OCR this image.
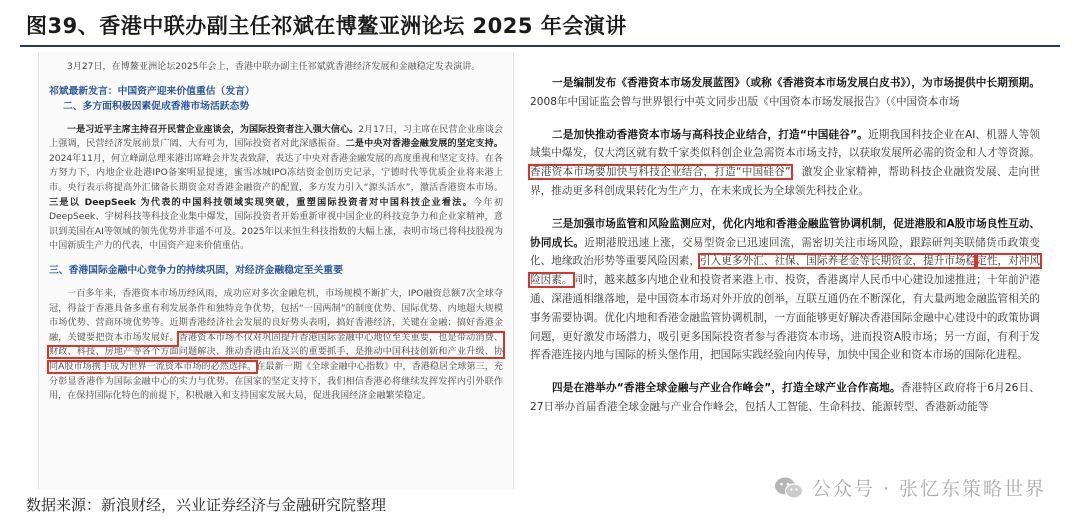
图39、香港中联办副主任祁斌在博鳌亚洲论坛 2025 年会演讲

3月27日，在博鳌亚洲论坛2025年会上，香港中联办副主任祁斌就香港经济发展和金融稳定发表演讲。

祁斌最新发言：中国资产迎来价值重估（发言）

二、多方面积极因素促成香港市场活跃态势

一是习近平主席主持召开民营企业座谈会，为国际投资者注入强大信心。2月17日，习主席在民营企业座谈会上强调，民营经济发展前景广阔、大有可为，国际投资者对此深感振奋。二是中央对香港金融发展的坚定支持。2024年11月，何立峰副总理来港出席峰会并发表致辞，表达了中央对香港金融发展的高度重视和坚定支持。在各方努力下，内地企业赴港IPO备案明显提速，蜜雪冰城IPO冻结资金创历史记录，宁德时代等优质企业将来港上市。央行表示将提高外汇储备长期资金对香港金融资产的配置，多方发力引入“源头活水”，激活香港资本市场。三是以 DeepSeek 为代表的中国科技领域实现突破，重塑国际投资者对中国科技企业看法。今年初DeepSeek、宇树科技等科技企业集中爆发，国际投资者开始重新审视中国企业的科技竞争力和企业家精神，意识到美国在AI等领域的领先优势并非遥不可及。2025年以来恒生科技指数的大幅上涨，表明市场已将科技股视为中国新质生产力的代表，中国资产迎来价值重估。

三、香港国际金融中心竞争力的持续巩固，对经济金融稳定至关重要

一百多年来，香港资本市场历经风雨，成功应对多次金融危机，市场规模不断扩大，IPO融资总额7次全球夺冠，得益于香港具备多重有利发展条件和独特竞争优势，包括“一国两制”的制度优势、国际优势、内地超大规模市场优势、营商环境优势等。近期香港经济社会发展的良好势头表明，搞好香港经济，关键在金融；搞好香港金融，关键要把资本市场发展好。香港资本市场不仅对巩固提升香港国际金融中心地位至关重要，也是带动消费、财政、科技、房地产等各个方面问题解决、推动香港由治及兴的重要抓手，是推动中国科技创新和产业升级、协同A股市场携手成为世界一流资本市场的必然选择。在最新一期《全球金融中心指数》中，香港稳居全球第三，充分彰显香港作为国际金融中心的实力与优势。在国家的坚定支持下，我们相信香港必将继续发挥发挥内引外联作用，在保持国际化特色的前提下，积极融入和支持国家发展大局，促进我国经济金融繁荣稳定。

一是编制发布《香港资本市场发展蓝图》（或称《香港资本市场发展白皮书》），为市场提供中长期预期。2008年中国证监会曾与世界银行中英文同步出版《中国资本市场发展报告》（《中国资本市场

二是加快推动香港资本市场与高科技企业结合，打造“中国硅谷”。近期我国科技企业在AI、机器人等领域集中爆发，仅大湾区就有数千家类似科创企业急需资本市场支持，以获取发展所必需的资金和人才等资源。香港资本市场要加快与科技企业结合，打造“中国硅谷”，激发企业家精神，帮助科技企业融资发展、走向世界，推动更多科创成果转化为生产力，在未来成长为全球领先科技企业。

三是加强市场监管和风险监测应对，优化内地和香港金融监管协调机制，促进港股和A股市场良性互动、协同成长。近期港股迅速上涨，交易型资金已迅速回流，需密切关注市场风险，跟踪研判美联储货币政策变化、地缘政治形势等重要风险因素，引入更多外汇、社保、国际养老金等长期资金，提升市场稳定性，对冲风险因素。同时，越来越多内地企业和投资者来港上市、投资，香港离岸人民币中心建设加速推进；十年前沪港通、深港通相继落地，是中国资本市场对外开放的创举，互联互通仍在不断深化，有大量两地金融监管相关的事务需要协调。优化内地和香港金融监管协调机制，一方面能够更好解决香港国际金融中心建设中的政策协调问题，更好激发市场潜力，吸引更多国际投资者参与香港资本市场，进而投资A股市场；另一方面，有利于发挥香港连接内地与国际的桥头堡作用，把国际实践经验向内传导，加快中国企业和资本市场的国际化进程。

四是在港举办“香港全球金融与产业合作峰会”，打造全球产业合作高地。香港特区政府将于6月26日、27日举办首届香港全球金融与产业合作峰会，包括人工智能、生命科技、能源转型、香港新动能等

公众号 · 张忆东策略世界
数据来源：新浪财经，兴业证券经济与金融研究院整理
